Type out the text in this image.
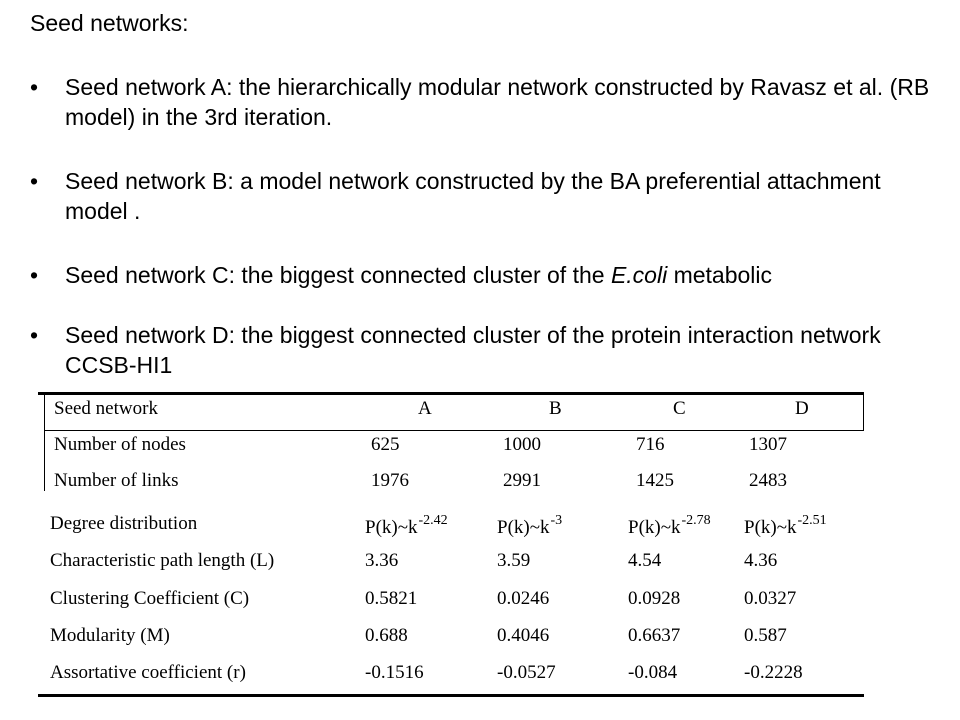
Seed networks:
• Seed network A: the hierarchically modular network constructed by Ravasz et al. (RB model) in the 3rd iteration.
• Seed network B: a model network constructed by the BA preferential attachment model .
• Seed network C: the biggest connected cluster of the E.coli metabolic
• Seed network D: the biggest connected cluster of the protein interaction network CCSB-HI1
Seed network	A	B	C	D
Number of nodes	625	1000	716	1307
Number of links	1976	2991	1425	2483
Degree distribution	$P(k)\sim k^{-2.42}$	$P(k)\sim k^{-3}$	$P(k)\sim k^{-2.78}$ $P(k)\sim k^{-2.51}$
Characteristic path length (L)	3.36	3.59	4.54	4.36
Clustering Coefficient (C)	0.5821	0.0246	0.0928	0.0327
Modularity (M)	0.688	0.4046	0.6637	0.587
Assortative coefficient (r)	-0.1516	-0.0527	-0.084	-0.2228
